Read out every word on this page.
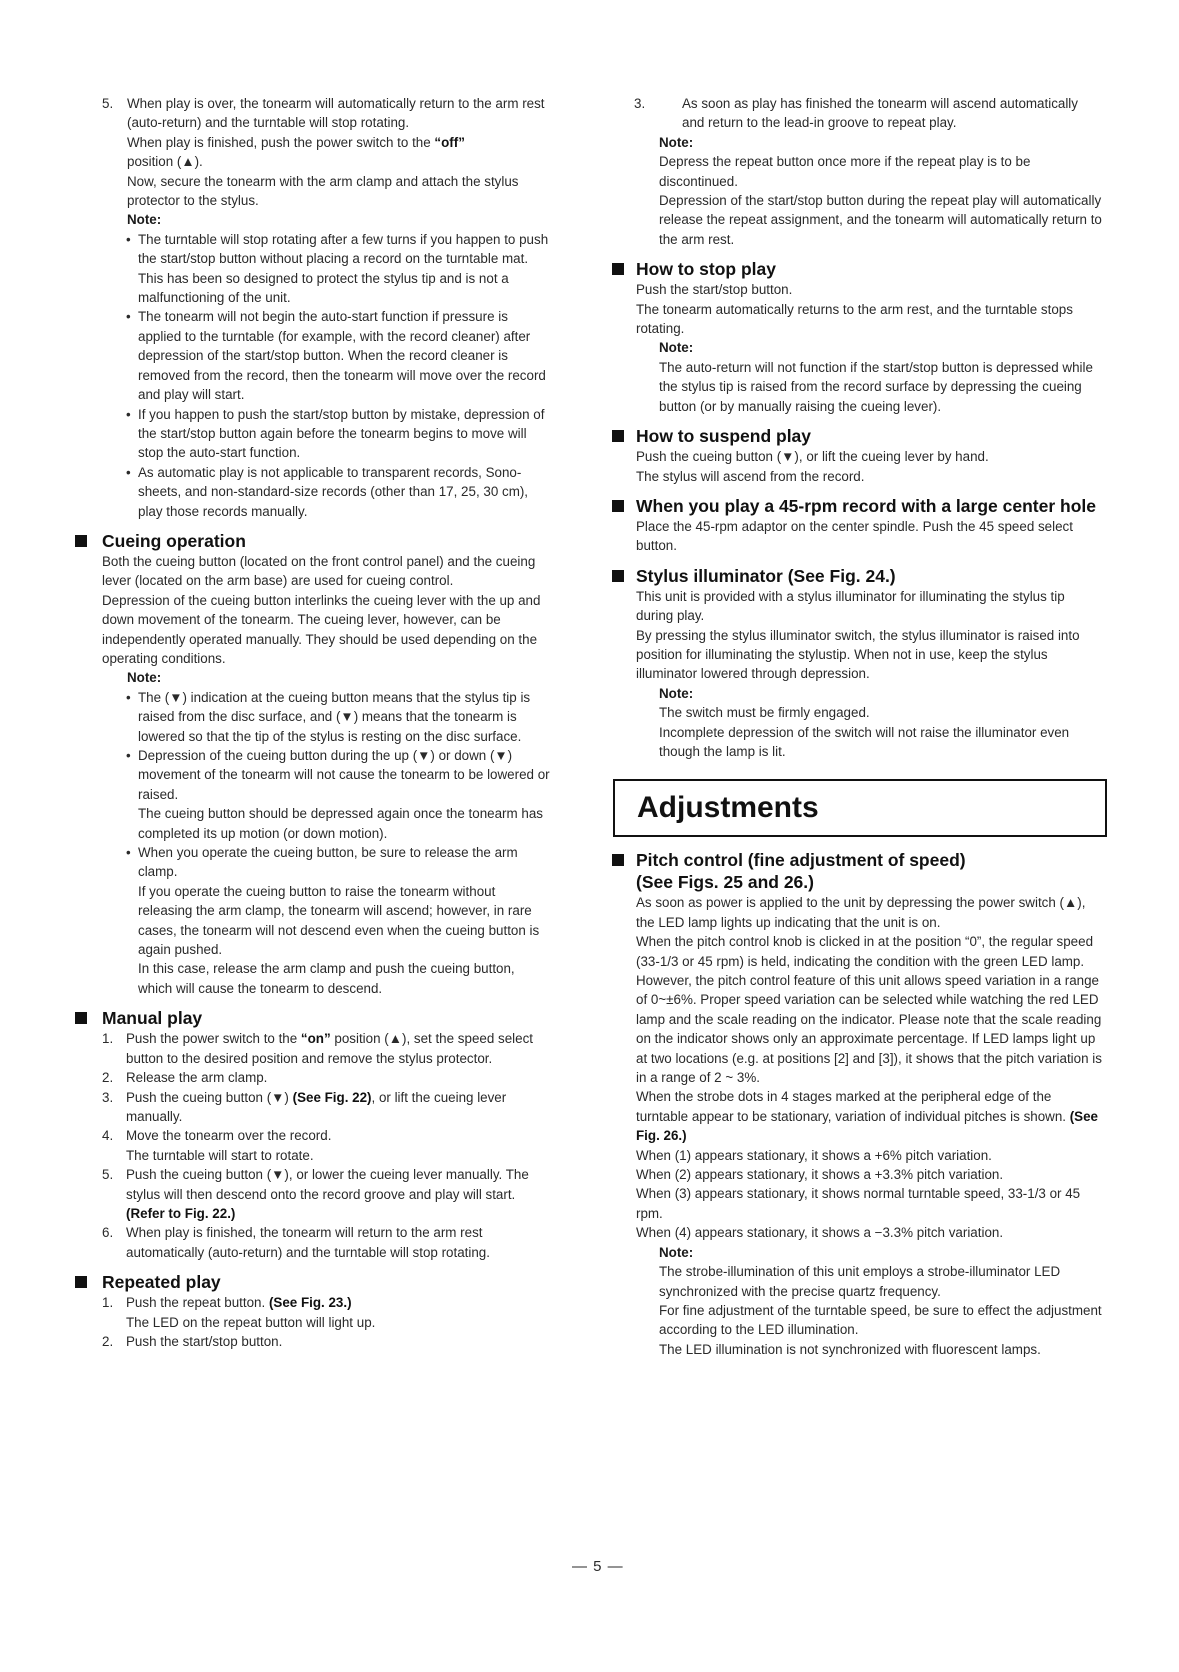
5. When play is over, the tonearm will automatically return to the arm rest (auto-return) and the turntable will stop rotating.

When play is finished, push the power switch to the “off”
position (▲).

Now, secure the tonearm with the arm clamp and attach the stylus protector to the stylus.

Note:

• The turntable will stop rotating after a few turns if you happen to push the start/stop button without placing a record on the turntable mat. This has been so designed to protect the stylus tip and is not a malfunctioning of the unit.

• The tonearm will not begin the auto-start function if pressure is applied to the turntable (for example, with the record cleaner) after depression of the start/stop button. When the record cleaner is removed from the record, then the tonearm will move over the record and play will start.

• If you happen to push the start/stop button by mistake, depression of the start/stop button again before the tonearm begins to move will stop the auto-start function.

• As automatic play is not applicable to transparent records, Sono-sheets, and non-standard-size records (other than 17, 25, 30 cm), play those records manually.

Cueing operation

Both the cueing button (located on the front control panel) and the cueing lever (located on the arm base) are used for cueing control.

Depression of the cueing button interlinks the cueing lever with the up and down movement of the tonearm. The cueing lever, however, can be independently operated manually. They should be used depending on the operating conditions.

Note:

• The (▼) indication at the cueing button means that the stylus tip is raised from the disc surface, and (▼) means that the tonearm is lowered so that the tip of the stylus is resting on the disc surface.

• Depression of the cueing button during the up (▼) or down (▼) movement of the tonearm will not cause the tonearm to be lowered or raised.

The cueing button should be depressed again once the tonearm has completed its up motion (or down motion).

• When you operate the cueing button, be sure to release the arm clamp.

If you operate the cueing button to raise the tonearm without releasing the arm clamp, the tonearm will ascend; however, in rare cases, the tonearm will not descend even when the cueing button is again pushed.

In this case, release the arm clamp and push the cueing button, which will cause the tonearm to descend.

Manual play

1. Push the power switch to the “on” position (▲), set the speed select button to the desired position and remove the stylus protector.

2. Release the arm clamp.

3. Push the cueing button (▼) (See Fig. 22), or lift the cueing lever manually.

4. Move the tonearm over the record.
The turntable will start to rotate.

5. Push the cueing button (▼), or lower the cueing lever manually. The stylus will then descend onto the record groove and play will start. (Refer to Fig. 22.)

6. When play is finished, the tonearm will return to the arm rest automatically (auto-return) and the turntable will stop rotating.

Repeated play

1. Push the repeat button. (See Fig. 23.)
The LED on the repeat button will light up.

2. Push the start/stop button.

3.	As soon as play has finished the tonearm will ascend automatically and return to the lead-in groove to repeat play.

Note:

Depress the repeat button once more if the repeat play is to be discontinued.

Depression of the start/stop button during the repeat play will automatically release the repeat assignment, and the tonearm will automatically return to the arm rest.

How to stop play

Push the start/stop button.

The tonearm automatically returns to the arm rest, and the turntable stops rotating.

Note:

The auto-return will not function if the start/stop button is depressed while the stylus tip is raised from the record surface by depressing the cueing button (or by manually raising the cueing lever).

How to suspend play

Push the cueing button (▼), or lift the cueing lever by hand.

The stylus will ascend from the record.

When you play a 45-rpm record with a large center hole

Place the 45-rpm adaptor on the center spindle. Push the 45 speed select button.

Stylus illuminator (See Fig. 24.)

This unit is provided with a stylus illuminator for illuminating the stylus tip during play.

By pressing the stylus illuminator switch, the stylus illuminator is raised into position for illuminating the stylustip. When not in use, keep the stylus illuminator lowered through depression.

Note:

The switch must be firmly engaged.

Incomplete depression of the switch will not raise the illuminator even though the lamp is lit.

Adjustments
Pitch control (fine adjustment of speed)
(See Figs. 25 and 26.)

As soon as power is applied to the unit by depressing the power switch (▲), the LED lamp lights up indicating that the unit is on.

When the pitch control knob is clicked in at the position “0”, the regular speed (33-1/3 or 45 rpm) is held, indicating the condition with the green LED lamp.

However, the pitch control feature of this unit allows speed variation in a range of 0~±6%. Proper speed variation can be selected while watching the red LED lamp and the scale reading on the indicator. Please note that the scale reading on the indicator shows only an approximate percentage. If LED lamps light up at two locations (e.g. at positions [2] and [3]), it shows that the pitch variation is in a range of 2 ~ 3%.

When the strobe dots in 4 stages marked at the peripheral edge of the turntable appear to be stationary, variation of individual pitches is shown. (See Fig. 26.)

When (1) appears stationary, it shows a +6% pitch variation.

When (2) appears stationary, it shows a +3.3% pitch variation.

When (3) appears stationary, it shows normal turntable speed, 33-1/3 or 45 rpm.

When (4) appears stationary, it shows a −3.3% pitch variation.

Note:

The strobe-illumination of this unit employs a strobe-illuminator LED synchronized with the precise quartz frequency.

For fine adjustment of the turntable speed, be sure to effect the adjustment according to the LED illumination.

The LED illumination is not synchronized with fluorescent lamps.

— 5 —
